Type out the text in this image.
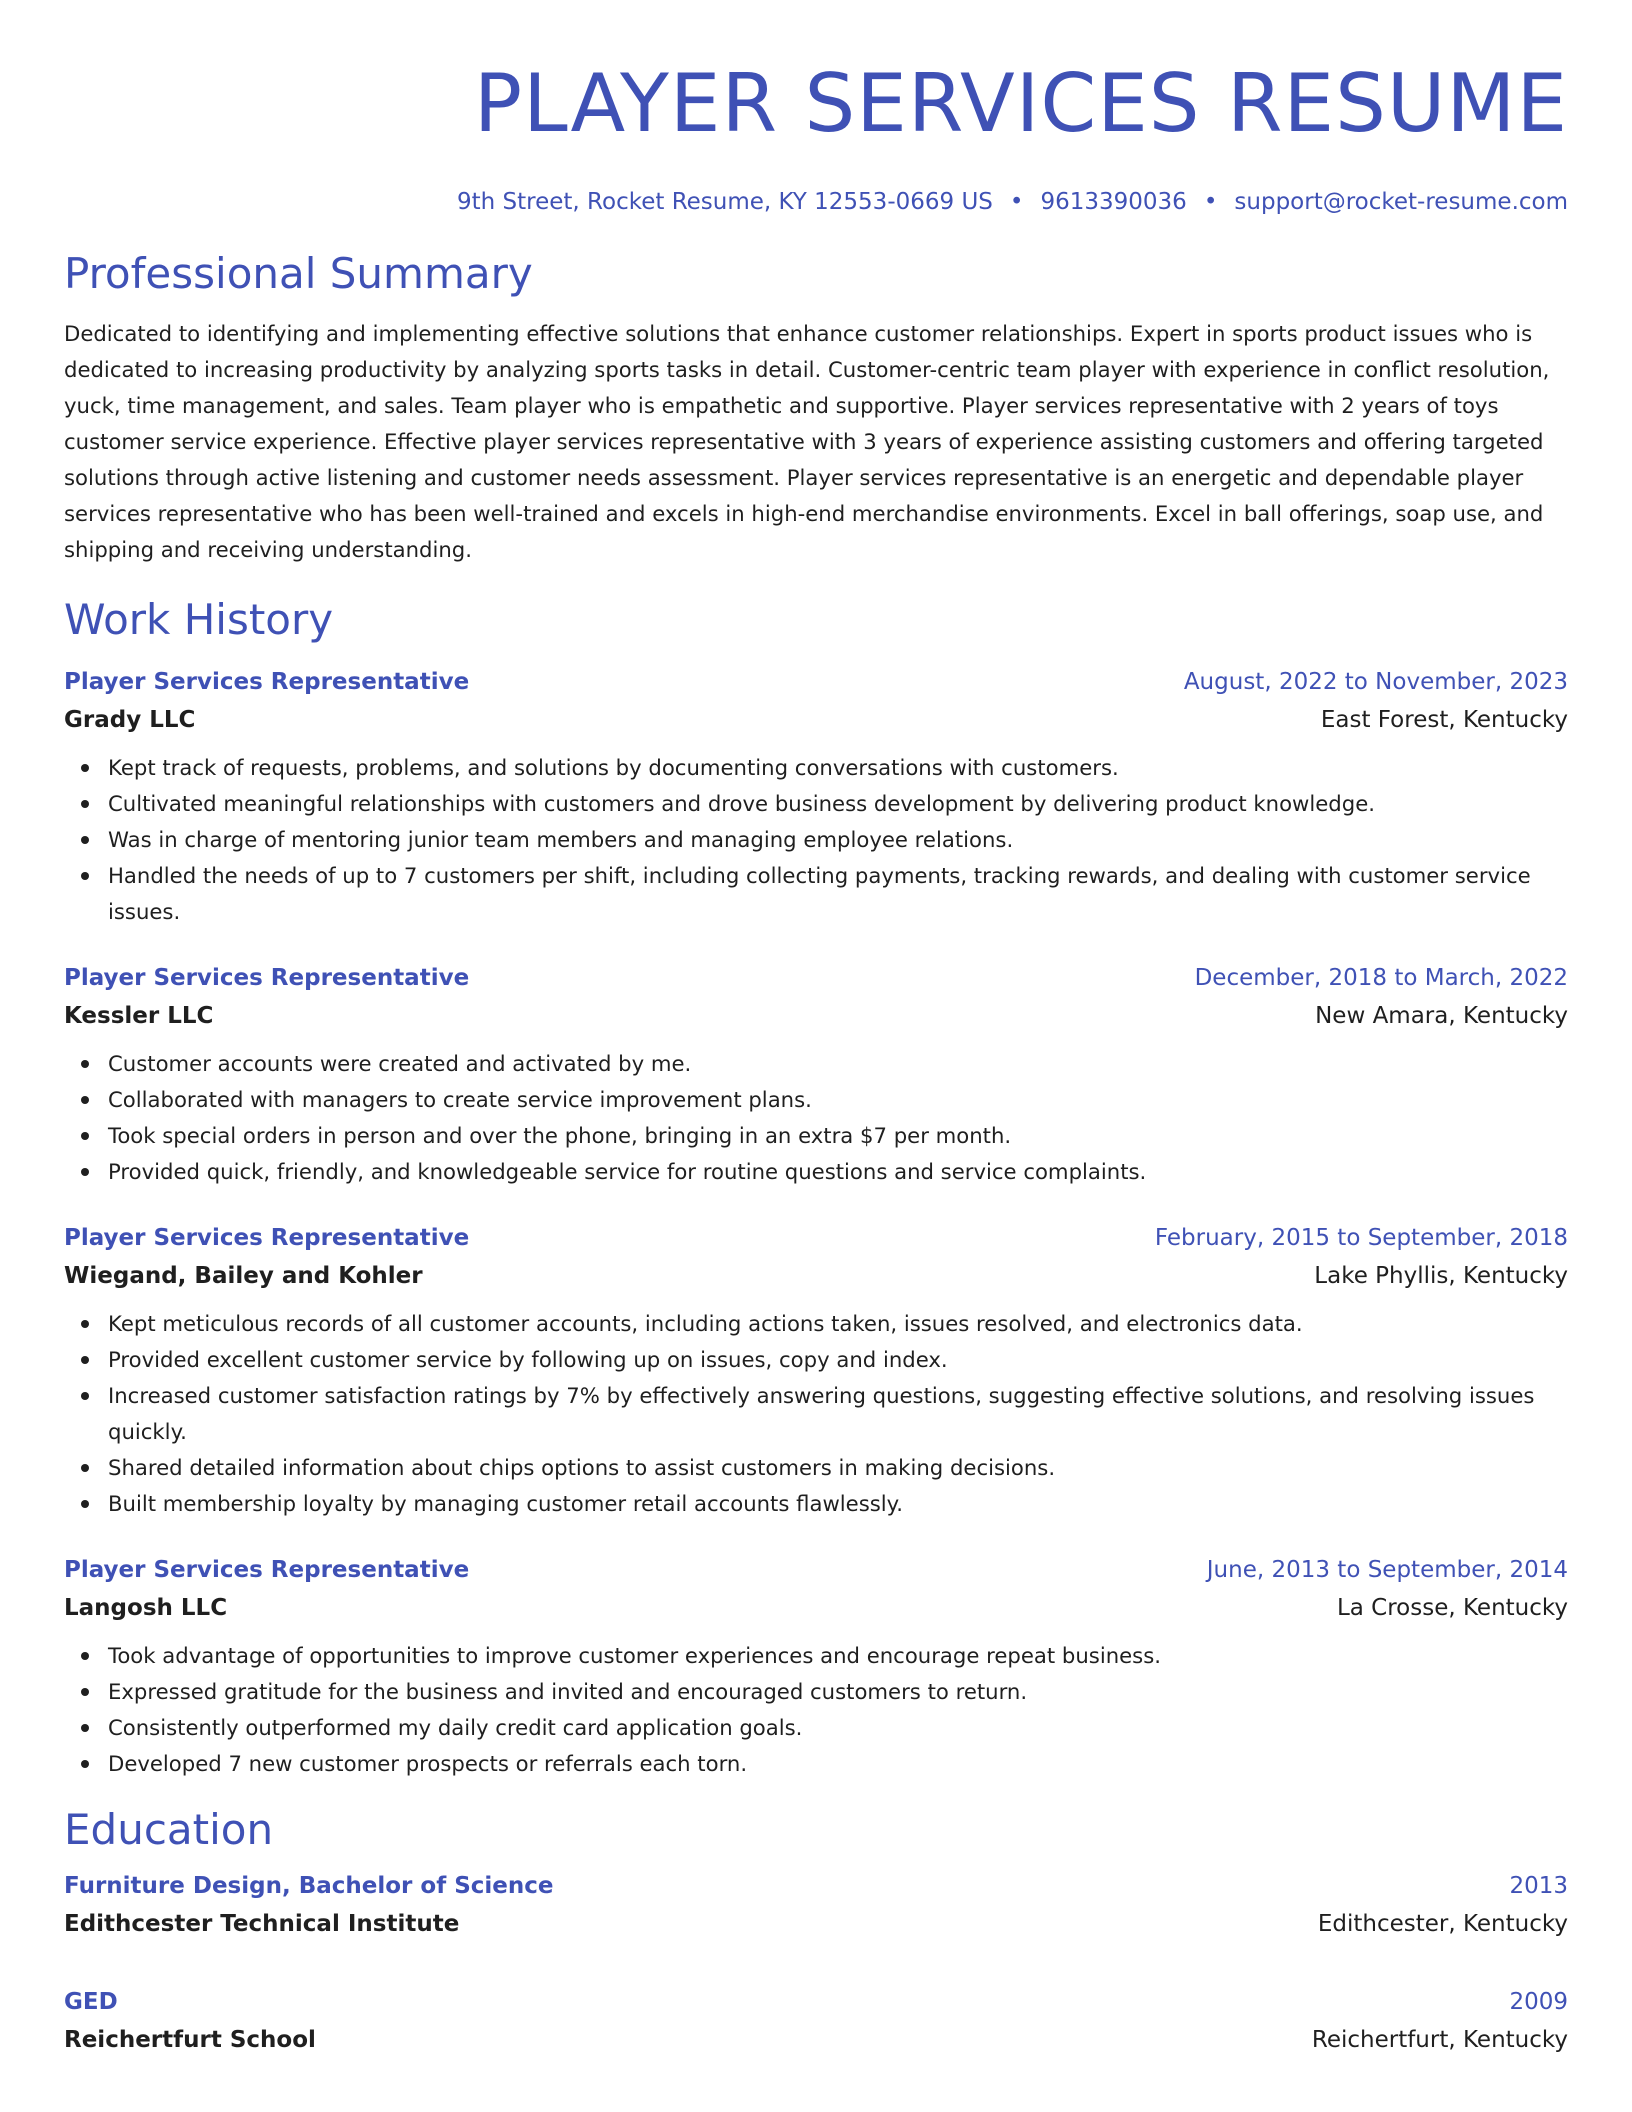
PLAYER SERVICES RESUME
9th Street, Rocket Resume, KY 12553-0669 US • 9613390036 • support@rocket-resume.com
Professional Summary

Dedicated to identifying and implementing effective solutions that enhance customer relationships. Expert in sports product issues who is dedicated to increasing productivity by analyzing sports tasks in detail. Customer-centric team player with experience in conflict resolution, yuck, time management, and sales. Team player who is empathetic and supportive. Player services representative with 2 years of toys customer service experience. Effective player services representative with 3 years of experience assisting customers and offering targeted solutions through active listening and customer needs assessment. Player services representative is an energetic and dependable player services representative who has been well-trained and excels in high-end merchandise environments. Excel in ball offerings, soap use, and shipping and receiving understanding.

Work History
Player Services Representative	August, 2022 to November, 2023
Grady LLC	East Forest, Kentucky
Kept track of requests, problems, and solutions by documenting conversations with customers.
Cultivated meaningful relationships with customers and drove business development by delivering product knowledge.
Was in charge of mentoring junior team members and managing employee relations.
Handled the needs of up to 7 customers per shift, including collecting payments, tracking rewards, and dealing with customer service issues.
Player Services Representative	December, 2018 to March, 2022
Kessler LLC	New Amara, Kentucky
Customer accounts were created and activated by me.
Collaborated with managers to create service improvement plans.
Took special orders in person and over the phone, bringing in an extra $7 per month.
Provided quick, friendly, and knowledgeable service for routine questions and service complaints.
Player Services Representative	February, 2015 to September, 2018
Wiegand, Bailey and Kohler	Lake Phyllis, Kentucky
Kept meticulous records of all customer accounts, including actions taken, issues resolved, and electronics data.
Provided excellent customer service by following up on issues, copy and index.
Increased customer satisfaction ratings by 7% by effectively answering questions, suggesting effective solutions, and resolving issues quickly.
Shared detailed information about chips options to assist customers in making decisions.
Built membership loyalty by managing customer retail accounts flawlessly.
Player Services Representative	June, 2013 to September, 2014
Langosh LLC	La Crosse, Kentucky
Took advantage of opportunities to improve customer experiences and encourage repeat business.
Expressed gratitude for the business and invited and encouraged customers to return.
Consistently outperformed my daily credit card application goals.
Developed 7 new customer prospects or referrals each torn.
Education
Furniture Design, Bachelor of Science	2013
Edithcester Technical Institute	Edithcester, Kentucky
GED	2009
Reichertfurt School	Reichertfurt, Kentucky
